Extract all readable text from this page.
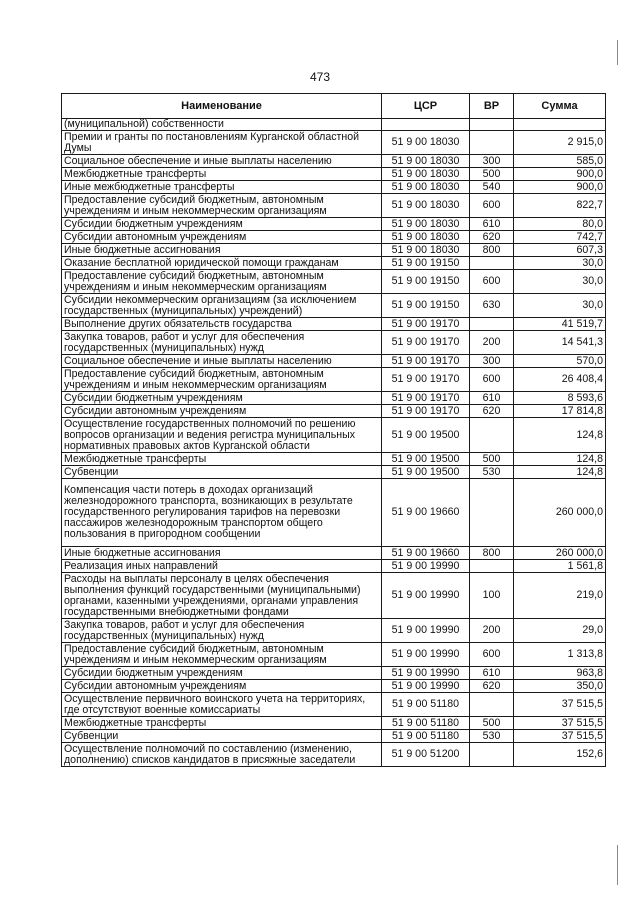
473
Наименование	ЦСР	ВР	Сумма
(муниципальной) собственности			
Премии и гранты по постановлениям Курганской областной Думы	51 9 00 18030		2 915,0
Социальное обеспечение и иные выплаты населению	51 9 00 18030	300	585,0
Межбюджетные трансферты	51 9 00 18030	500	900,0
Иные межбюджетные трансферты	51 9 00 18030	540	900,0
Предоставление субсидий бюджетным, автономным учреждениям и иным некоммерческим организациям	51 9 00 18030	600	822,7
Субсидии бюджетным учреждениям	51 9 00 18030	610	80,0
Субсидии автономным учреждениям	51 9 00 18030	620	742,7
Иные бюджетные ассигнования	51 9 00 18030	800	607,3
Оказание бесплатной юридической помощи гражданам	51 9 00 19150		30,0
Предоставление субсидий бюджетным, автономным учреждениям и иным некоммерческим организациям	51 9 00 19150	600	30,0
Субсидии некоммерческим организациям (за исключением государственных (муниципальных) учреждений)	51 9 00 19150	630	30,0
Выполнение других обязательств государства	51 9 00 19170		41 519,7
Закупка товаров, работ и услуг для обеспечения государственных (муниципальных) нужд	51 9 00 19170	200	14 541,3
Социальное обеспечение и иные выплаты населению	51 9 00 19170	300	570,0
Предоставление субсидий бюджетным, автономным учреждениям и иным некоммерческим организациям	51 9 00 19170	600	26 408,4
Субсидии бюджетным учреждениям	51 9 00 19170	610	8 593,6
Субсидии автономным учреждениям	51 9 00 19170	620	17 814,8
Осуществление государственных полномочий по решению вопросов организации и ведения регистра муниципальных нормативных правовых актов Курганской области	51 9 00 19500		124,8
Межбюджетные трансферты	51 9 00 19500	500	124,8
Субвенции	51 9 00 19500	530	124,8
Компенсация части потерь в доходах организаций железнодорожного транспорта, возникающих в результате государственного регулирования тарифов на перевозки пассажиров железнодорожным транспортом общего пользования в пригородном сообщении	51 9 00 19660		260 000,0
Иные бюджетные ассигнования	51 9 00 19660	800	260 000,0
Реализация иных направлений	51 9 00 19990		1 561,8
Расходы на выплаты персоналу в целях обеспечения выполнения функций государственными (муниципальными) органами, казенными учреждениями, органами управления государственными внебюджетными фондами	51 9 00 19990	100	219,0
Закупка товаров, работ и услуг для обеспечения государственных (муниципальных) нужд	51 9 00 19990	200	29,0
Предоставление субсидий бюджетным, автономным учреждениям и иным некоммерческим организациям	51 9 00 19990	600	1 313,8
Субсидии бюджетным учреждениям	51 9 00 19990	610	963,8
Субсидии автономным учреждениям	51 9 00 19990	620	350,0
Осуществление первичного воинского учета на территориях, где отсутствуют военные комиссариаты	51 9 00 51180		37 515,5
Межбюджетные трансферты	51 9 00 51180	500	37 515,5
Субвенции	51 9 00 51180	530	37 515,5
Осуществление полномочий по составлению (изменению, дополнению) списков кандидатов в присяжные заседатели	51 9 00 51200		152,6
